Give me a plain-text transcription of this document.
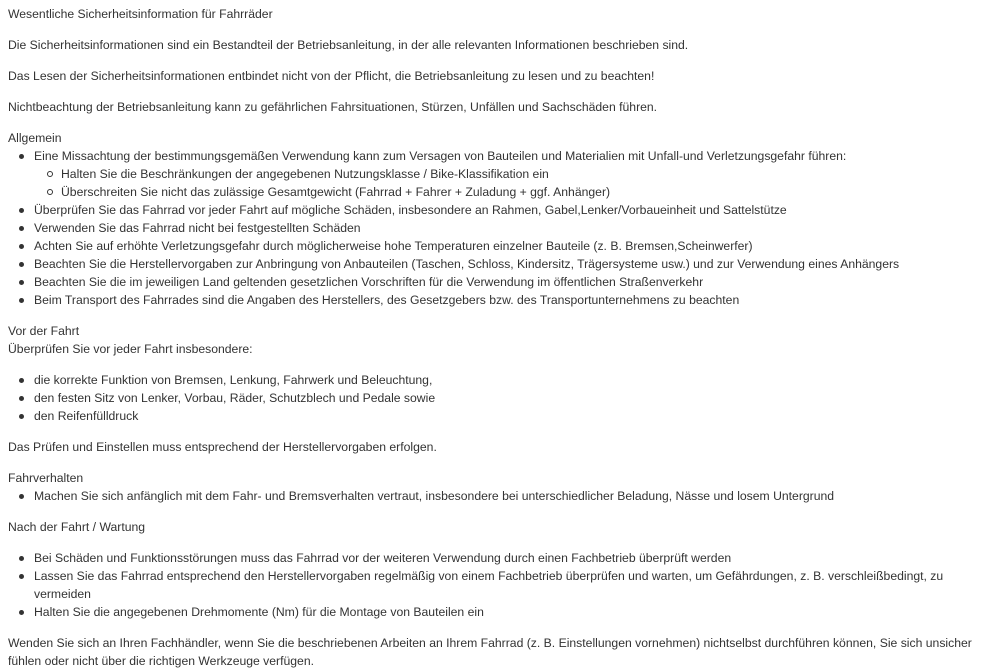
Wesentliche Sicherheitsinformation für Fahrräder

Die Sicherheitsinformationen sind ein Bestandteil der Betriebsanleitung, in der alle relevanten Informationen beschrieben sind.

Das Lesen der Sicherheitsinformationen entbindet nicht von der Pflicht, die Betriebsanleitung zu lesen und zu beachten!

Nichtbeachtung der Betriebsanleitung kann zu gefährlichen Fahrsituationen, Stürzen, Unfällen und Sachschäden führen.

Allgemein

Eine Missachtung der bestimmungsgemäßen Verwendung kann zum Versagen von Bauteilen und Materialien mit Unfall-und Verletzungsgefahr führen:
Halten Sie die Beschränkungen der angegebenen Nutzungsklasse / Bike-Klassifikation ein
Überschreiten Sie nicht das zulässige Gesamtgewicht (Fahrrad + Fahrer + Zuladung + ggf. Anhänger)
Überprüfen Sie das Fahrrad vor jeder Fahrt auf mögliche Schäden, insbesondere an Rahmen, Gabel,Lenker/Vorbaueinheit und Sattelstütze
Verwenden Sie das Fahrrad nicht bei festgestellten Schäden
Achten Sie auf erhöhte Verletzungsgefahr durch möglicherweise hohe Temperaturen einzelner Bauteile (z. B. Bremsen,Scheinwerfer)
Beachten Sie die Herstellervorgaben zur Anbringung von Anbauteilen (Taschen, Schloss, Kindersitz, Trägersysteme usw.) und zur Verwendung eines Anhängers
Beachten Sie die im jeweiligen Land geltenden gesetzlichen Vorschriften für die Verwendung im öffentlichen Straßenverkehr
Beim Transport des Fahrrades sind die Angaben des Herstellers, des Gesetzgebers bzw. des Transportunternehmens zu beachten

Vor der Fahrt

Überprüfen Sie vor jeder Fahrt insbesondere:

die korrekte Funktion von Bremsen, Lenkung, Fahrwerk und Beleuchtung,
den festen Sitz von Lenker, Vorbau, Räder, Schutzblech und Pedale sowie
den Reifenfülldruck

Das Prüfen und Einstellen muss entsprechend der Herstellervorgaben erfolgen.

Fahrverhalten

Machen Sie sich anfänglich mit dem Fahr- und Bremsverhalten vertraut, insbesondere bei unterschiedlicher Beladung, Nässe und losem Untergrund

Nach der Fahrt / Wartung

Bei Schäden und Funktionsstörungen muss das Fahrrad vor der weiteren Verwendung durch einen Fachbetrieb überprüft werden
Lassen Sie das Fahrrad entsprechend den Herstellervorgaben regelmäßig von einem Fachbetrieb überprüfen und warten, um Gefährdungen, z. B. verschleißbedingt, zu vermeiden
Halten Sie die angegebenen Drehmomente (Nm) für die Montage von Bauteilen ein

Wenden Sie sich an Ihren Fachhändler, wenn Sie die beschriebenen Arbeiten an Ihrem Fahrrad (z. B. Einstellungen vornehmen) nichtselbst durchführen können, Sie sich unsicher fühlen oder nicht über die richtigen Werkzeuge verfügen.
